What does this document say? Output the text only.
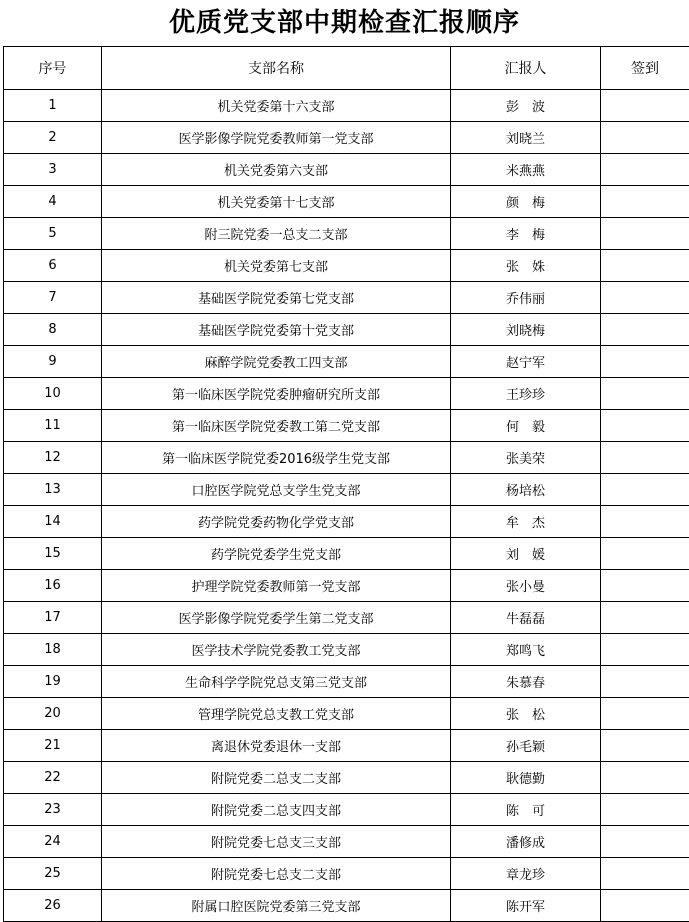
优质党支部中期检查汇报顺序
序号	支部名称	汇报人	签到
1	机关党委第十六支部	彭　波	
2	医学影像学院党委教师第一党支部	刘晓兰	
3	机关党委第六支部	米燕燕	
4	机关党委第十七支部	颜　梅	
5	附三院党委一总支二支部	李　梅	
6	机关党委第七支部	张　姝	
7	基础医学院党委第七党支部	乔伟丽	
8	基础医学院党委第十党支部	刘晓梅	
9	麻醉学院党委教工四支部	赵宁军	
10	第一临床医学院党委肿瘤研究所支部	王珍珍	
11	第一临床医学院党委教工第二党支部	何　毅	
12	第一临床医学院党委2016级学生党支部	张美荣	
13	口腔医学院党总支学生党支部	杨培松	
14	药学院党委药物化学党支部	牟　杰	
15	药学院党委学生党支部	刘　媛	
16	护理学院党委教师第一党支部	张小曼	
17	医学影像学院党委学生第二党支部	牛磊磊	
18	医学技术学院党委教工党支部	郑鸣飞	
19	生命科学学院党总支第三党支部	朱慕春	
20	管理学院党总支教工党支部	张　松	
21	离退休党委退休一支部	孙毛颖	
22	附院党委二总支二支部	耿德勤	
23	附院党委二总支四支部	陈　可	
24	附院党委七总支三支部	潘修成	
25	附院党委七总支二支部	章龙珍	
26	附属口腔医院党委第三党支部	陈开军	
